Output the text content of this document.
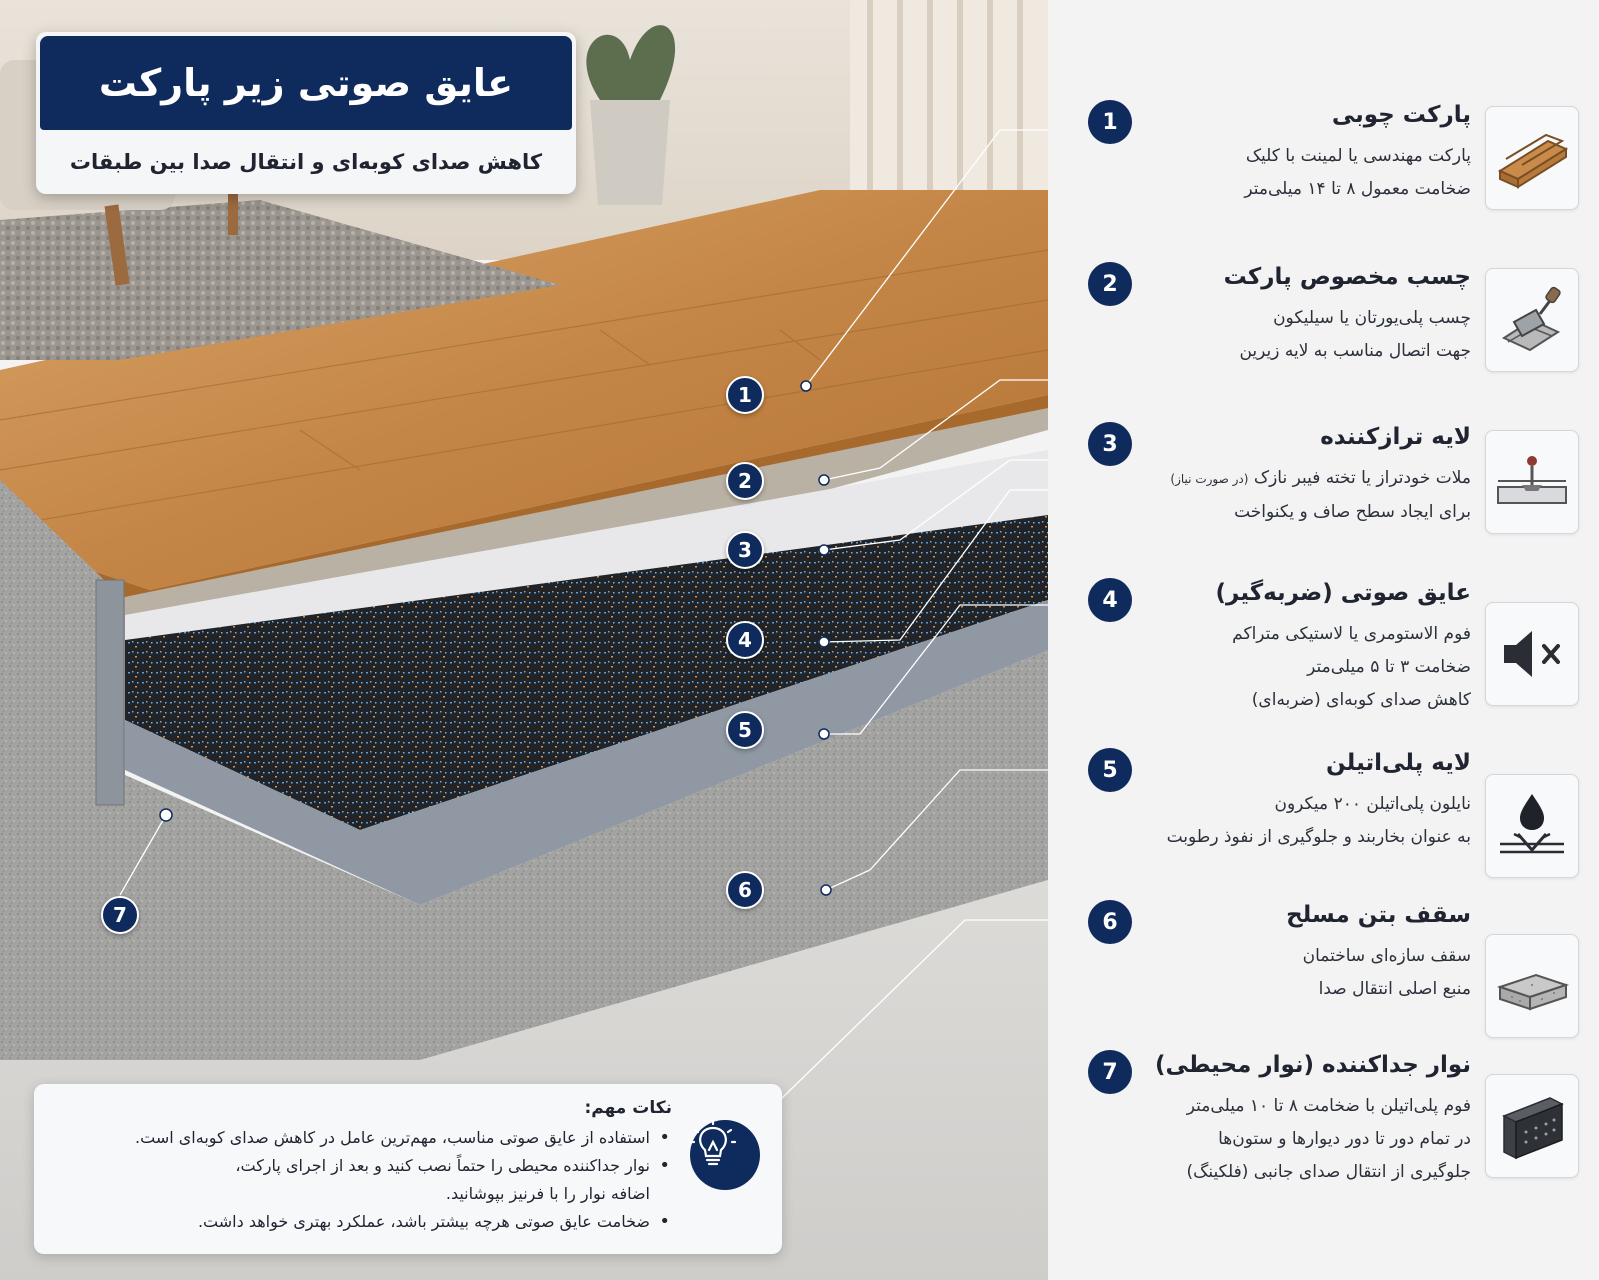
1
2
3
4
5
6
7
عایق صوتی زیر پارکت
کاهش صدای کوبه‌ای و انتقال صدا بین طبقات
نکات مهم:
• استفاده از عایق صوتی مناسب، مهم‌ترین عامل در کاهش صدای کوبه‌ای است.
• نوار جداکننده محیطی را حتماً نصب کنید و بعد از اجرای پارکت،
اضافه نوار را با فرنیز بپوشانید.
• ضخامت عایق صوتی هرچه بیشتر باشد، عملکرد بهتری خواهد داشت.
1	پارکت چوبی
پارکت مهندسی یا لمینت با کلیک
ضخامت معمول ۸ تا ۱۴ میلی‌متر
2	چسب مخصوص پارکت
چسب پلی‌یورتان یا سیلیکون
جهت اتصال مناسب به لایه زیرین
3	لایه ترازکننده
ملات خودتراز یا تخته فیبر نازک (در صورت نیاز)
برای ایجاد سطح صاف و یکنواخت
4	عایق صوتی (ضربه‌گیر)
فوم الاستومری یا لاستیکی متراکم
ضخامت ۳ تا ۵ میلی‌متر
کاهش صدای کوبه‌ای (ضربه‌ای)
5	لایه پلی‌اتیلن
نایلون پلی‌اتیلن ۲۰۰ میکرون
به عنوان بخاربند و جلوگیری از نفوذ رطوبت
6	سقف بتن مسلح
سقف سازه‌ای ساختمان
منبع اصلی انتقال صدا
7	نوار جداکننده (نوار محیطی)
فوم پلی‌اتیلن با ضخامت ۸ تا ۱۰ میلی‌متر
در تمام دور تا دور دیوارها و ستون‌ها
جلوگیری از انتقال صدای جانبی (فلکینگ)
